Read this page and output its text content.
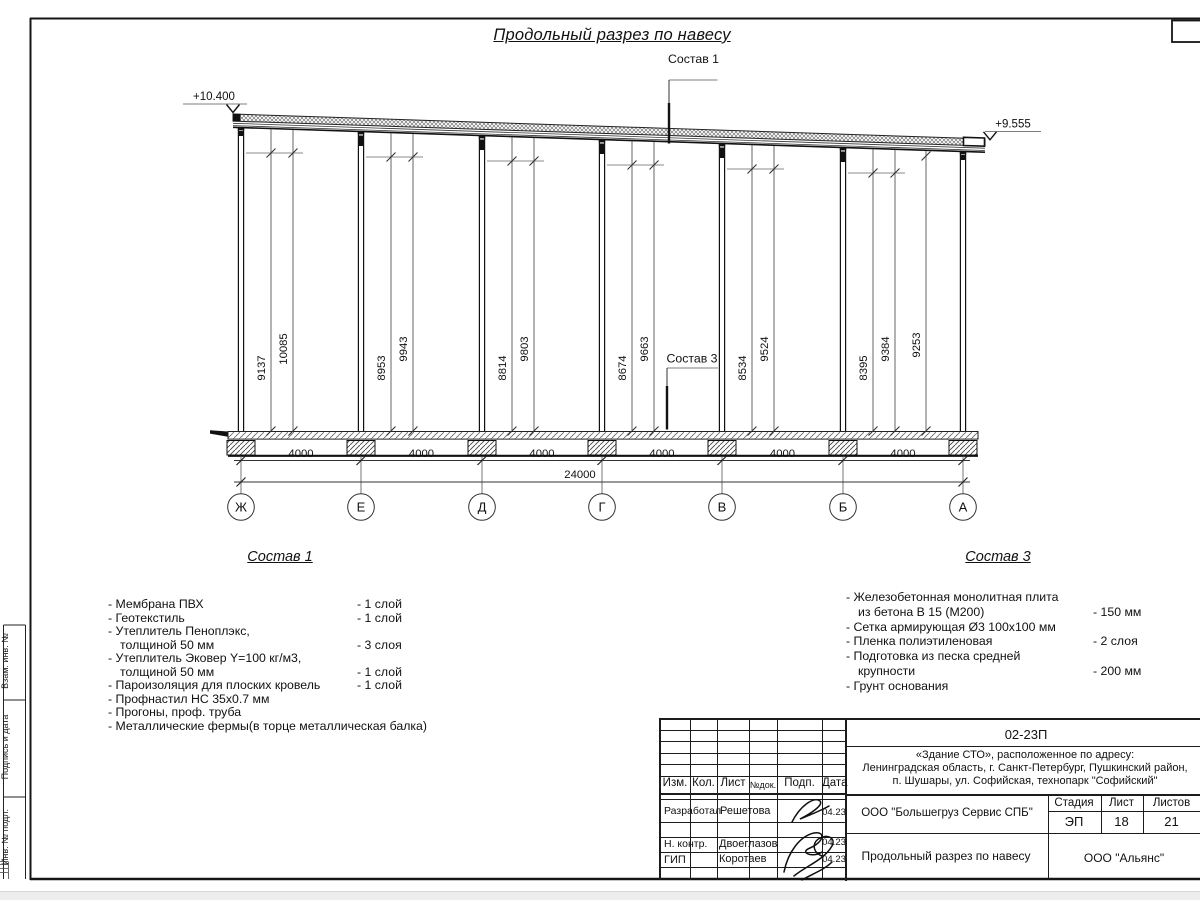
9137
10085
8953
9943
8814
9803
8674
9663
8534
9524
8395
9384 9253
4000	4000	4000	4000	4000	4000
24000
Ж	Е	Д	Г	В	Б	А
+10.400
+9.555
Состав 1
Состав 3
Продольный разрез по навесу
Взам. инв. №
Подпись и дата
Инв. № подл.
Состав 1
- Мембрана ПВХ	- 1 слой
- Геотекстиль	- 1 слой
- Утеплитель Пеноплэкс,
толщиной 50 мм	- 3 слоя
- Утеплитель Эковер Y=100 кг/м3,
толщиной 50 мм	- 1 слой
- Пароизоляция для плоских кровель	- 1 слой
- Профнастил НС 35х0.7 мм
- Прогоны, проф. труба
- Металлические фермы(в торце металлическая балка)
Состав 3
- Железобетонная монолитная плита
из бетона В 15 (М200)	- 150 мм
- Сетка армирующая Ø3 100х100 мм
- Пленка полиэтиленовая	- 2 слоя
- Подготовка из песка средней
крупности	- 200 мм
- Грунт основания
02-23П
«Здание СТО», расположенное по адресу:
Ленинградская область, г. Санкт-Петербург, Пушкинский район,
п. Шушары, ул. Софийская, технопарк "Софийский"
Изм. Кол. Лист №док. Подп. Дата
Разработал
Решетова	04.23
Н. контр. Двоеглазов	04.23
ГИП	Коротаев	04.23
ООО "Большегруз Сервис СПБ"
Стадия	Лист	Листов
ЭП	18	21
Продольный разрез по навесу	ООО "Альянс"
